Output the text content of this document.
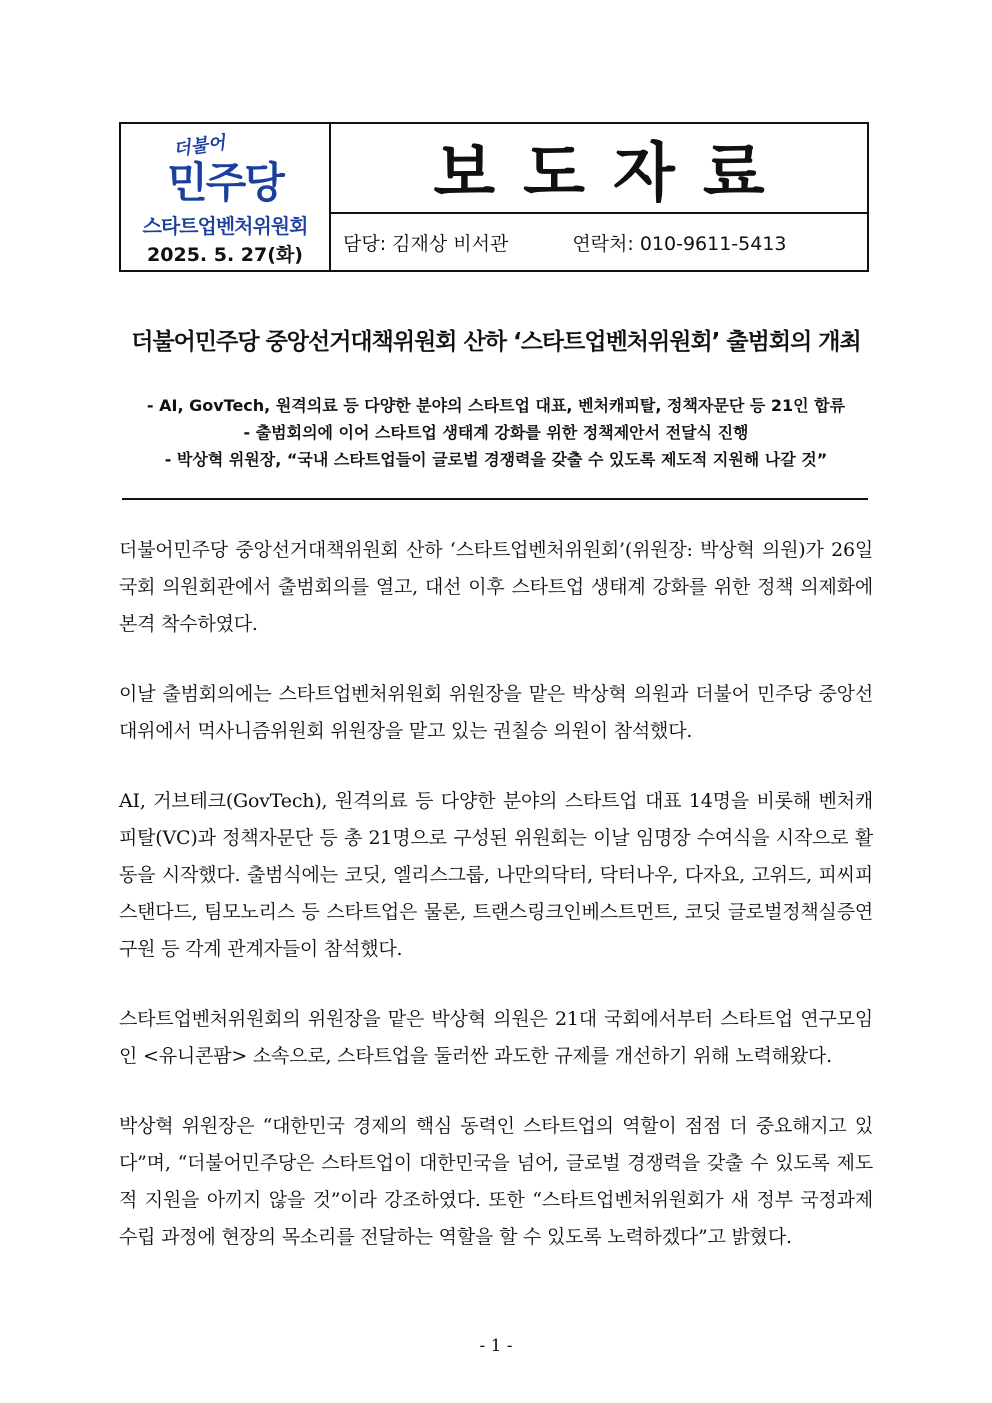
더불어
민주당
스타트업벤처위원회
2025. 5. 27(화)
보도자료
담당: 김재상 비서관	연락처: 010-9611-5413
더불어민주당 중앙선거대책위원회 산하 ‘스타트업벤처위원회’ 출범회의 개최
- AI, GovTech, 원격의료 등 다양한 분야의 스타트업 대표, 벤처캐피탈, 정책자문단 등 21인 합류
- 출범회의에 이어 스타트업 생태계 강화를 위한 정책제안서 전달식 진행
- 박상혁 위원장, “국내 스타트업들이 글로벌 경쟁력을 갖출 수 있도록 제도적 지원해 나갈 것”

더불어민주당 중앙선거대책위원회 산하 ‘스타트업벤처위원회’(위원장: 박상혁 의원)가 26일 국회 의원회관에서 출범회의를 열고, 대선 이후 스타트업 생태계 강화를 위한 정책 의제화에 본격 착수하였다.

이날 출범회의에는 스타트업벤처위원회 위원장을 맡은 박상혁 의원과 더불어 민주당 중앙선대위에서 먹사니즘위원회 위원장을 맡고 있는 권칠승 의원이 참석했다.

AI, 거브테크(GovTech), 원격의료 등 다양한 분야의 스타트업 대표 14명을 비롯해 벤처캐피탈(VC)과 정책자문단 등 총 21명으로 구성된 위원회는 이날 임명장 수여식을 시작으로 활동을 시작했다. 출범식에는 코딧, 엘리스그룹, 나만의닥터, 닥터나우, 다자요, 고위드, 피씨피스탠다드, 팀모노리스 등 스타트업은 물론, 트랜스링크인베스트먼트, 코딧 글로벌정책실증연구원 등 각계 관계자들이 참석했다.

스타트업벤처위원회의 위원장을 맡은 박상혁 의원은 21대 국회에서부터 스타트업 연구모임인 <유니콘팜> 소속으로, 스타트업을 둘러싼 과도한 규제를 개선하기 위해 노력해왔다.

박상혁 위원장은 “대한민국 경제의 핵심 동력인 스타트업의 역할이 점점 더 중요해지고 있다”며, “더불어민주당은 스타트업이 대한민국을 넘어, 글로벌 경쟁력을 갖출 수 있도록 제도적 지원을 아끼지 않을 것”이라 강조하였다. 또한 “스타트업벤처위원회가 새 정부 국정과제 수립 과정에 현장의 목소리를 전달하는 역할을 할 수 있도록 노력하겠다”고 밝혔다.

- 1 -
